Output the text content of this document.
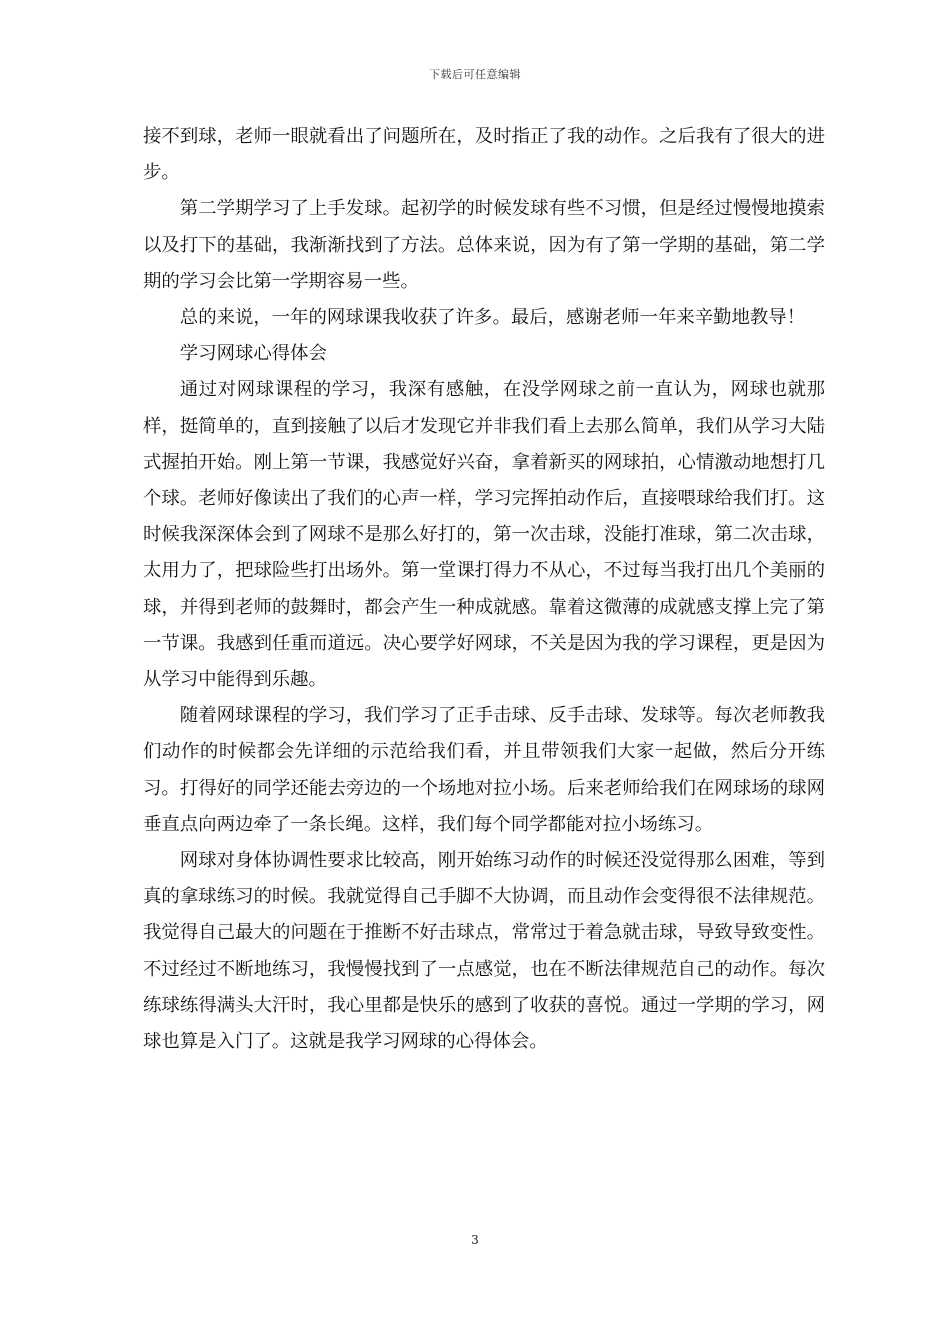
下载后可任意编辑

接不到球，老师一眼就看出了问题所在，及时指正了我的动作。之后我有了很大的进步。

第二学期学习了上手发球。起初学的时候发球有些不习惯，但是经过慢慢地摸索以及打下的基础，我渐渐找到了方法。总体来说，因为有了第一学期的基础，第二学期的学习会比第一学期容易一些。

总的来说，一年的网球课我收获了许多。最后，感谢老师一年来辛勤地教导！

学习网球心得体会

通过对网球课程的学习，我深有感触，在没学网球之前一直认为，网球也就那样，挺简单的，直到接触了以后才发现它并非我们看上去那么简单，我们从学习大陆式握拍开始。刚上第一节课，我感觉好兴奋，拿着新买的网球拍，心情激动地想打几个球。老师好像读出了我们的心声一样，学习完挥拍动作后，直接喂球给我们打。这时候我深深体会到了网球不是那么好打的，第一次击球，没能打准球，第二次击球，太用力了，把球险些打出场外。第一堂课打得力不从心，不过每当我打出几个美丽的球，并得到老师的鼓舞时，都会产生一种成就感。靠着这微薄的成就感支撑上完了第一节课。我感到任重而道远。决心要学好网球，不关是因为我的学习课程，更是因为从学习中能得到乐趣。

随着网球课程的学习，我们学习了正手击球、反手击球、发球等。每次老师教我们动作的时候都会先详细的示范给我们看，并且带领我们大家一起做，然后分开练习。打得好的同学还能去旁边的一个场地对拉小场。后来老师给我们在网球场的球网垂直点向两边牵了一条长绳。这样，我们每个同学都能对拉小场练习。

网球对身体协调性要求比较高，刚开始练习动作的时候还没觉得那么困难，等到真的拿球练习的时候。我就觉得自己手脚不大协调，而且动作会变得很不法律规范。我觉得自己最大的问题在于推断不好击球点，常常过于着急就击球，导致导致变性。不过经过不断地练习，我慢慢找到了一点感觉，也在不断法律规范自己的动作。每次练球练得满头大汗时，我心里都是快乐的感到了收获的喜悦。通过一学期的学习，网球也算是入门了。这就是我学习网球的心得体会。

3
